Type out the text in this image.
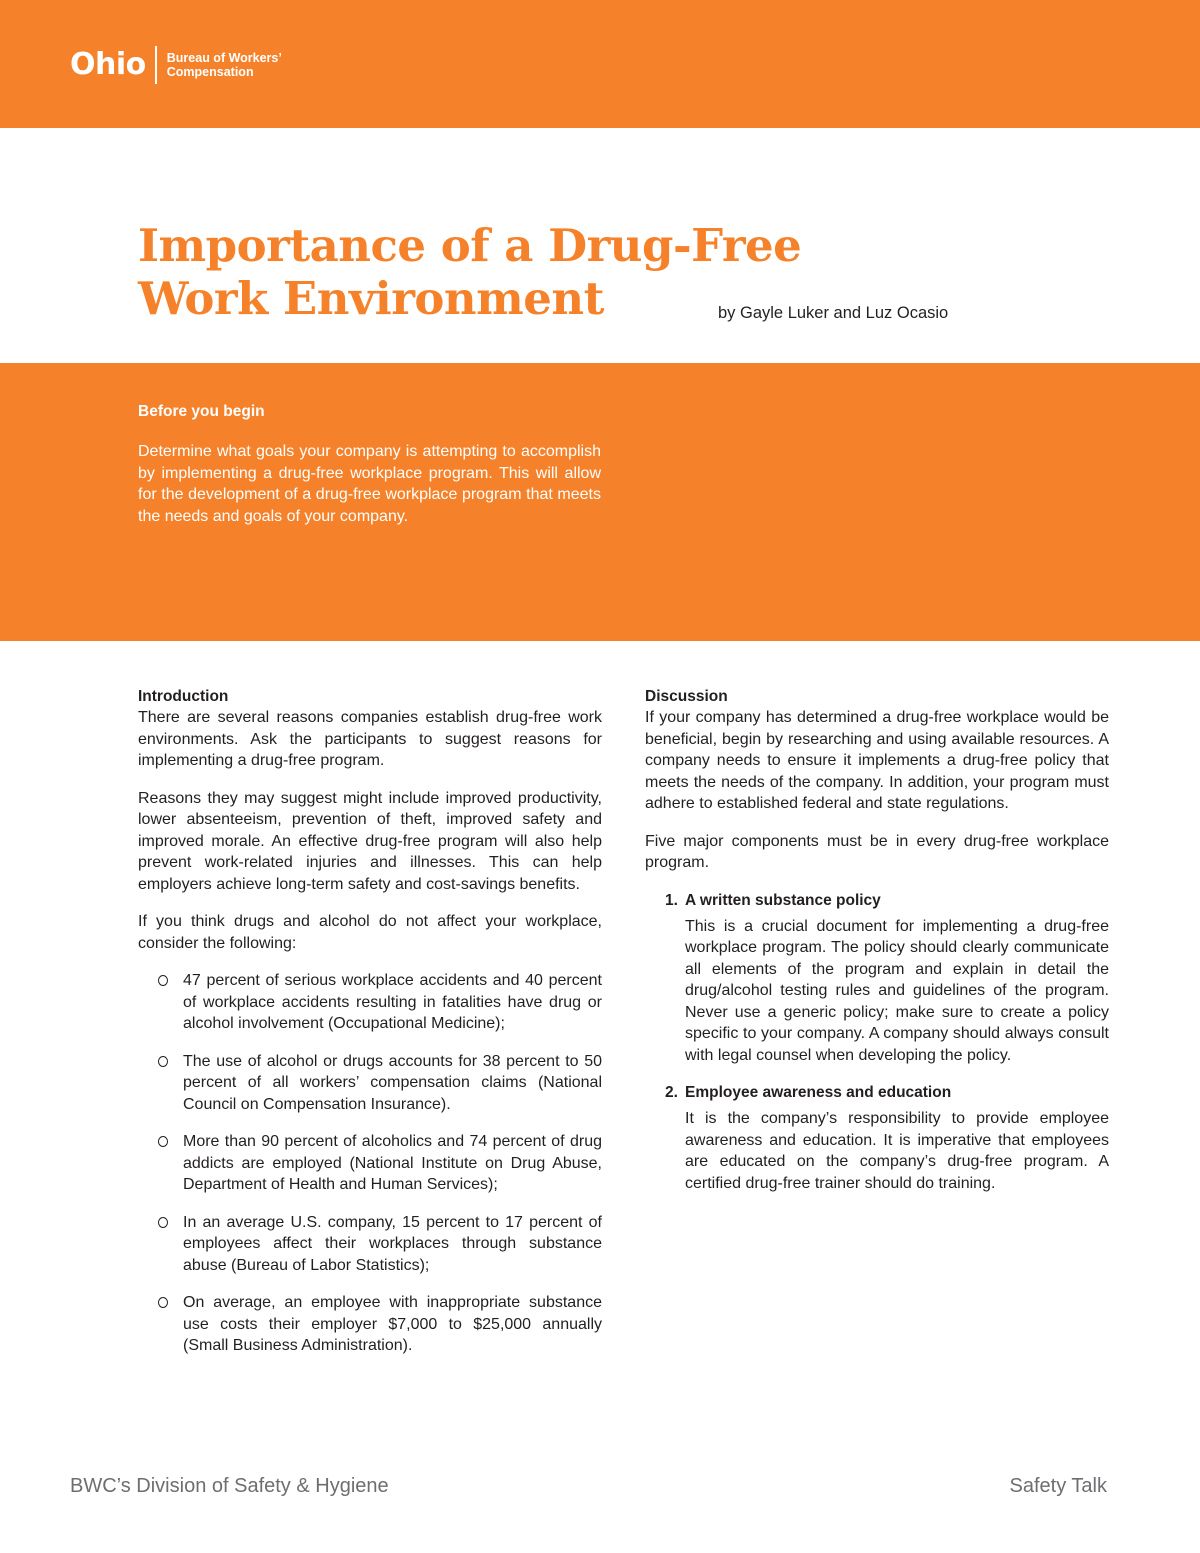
Ohio Bureau of Workers’
Compensation
Importance of a Drug-Free
Work Environment	by Gayle Luker and Luz Ocasio

Before you begin

Determine what goals your company is attempting to accomplish by implementing a drug-free workplace program. This will allow for the development of a drug-free workplace program that meets the needs and goals of your company.

Introduction

There are several reasons companies establish drug-free work environments. Ask the participants to suggest reasons for implementing a drug-free program.

Reasons they may suggest might include improved productivity, lower absenteeism, prevention of theft, improved safety and improved morale. An effective drug-free program will also help prevent work-related injuries and illnesses. This can help employers achieve long-term safety and cost-savings benefits.

If you think drugs and alcohol do not affect your workplace, consider the following:

47 percent of serious workplace accidents and 40 percent of workplace accidents resulting in fatalities have drug or alcohol involvement (Occupational Medicine);
The use of alcohol or drugs accounts for 38 percent to 50 percent of all workers’ compensation claims (National Council on Compensation Insurance).
More than 90 percent of alcoholics and 74 percent of drug addicts are employed (National Institute on Drug Abuse, Department of Health and Human Services);
In an average U.S. company, 15 percent to 17 percent of employees affect their workplaces through substance abuse (Bureau of Labor Statistics);
On average, an employee with inappropriate substance use costs their employer $7,000 to $25,000 annually (Small Business Administration).
Discussion

If your company has determined a drug-free workplace would be beneficial, begin by researching and using available resources. A company needs to ensure it implements a drug-free policy that meets the needs of the company. In addition, your program must adhere to established federal and state regulations.

Five major components must be in every drug-free workplace program.

1. A written substance policy
This is a crucial document for implementing a drug-free workplace program. The policy should clearly communicate all elements of the program and explain in detail the drug/alcohol testing rules and guidelines of the program. Never use a generic policy; make sure to create a policy specific to your company. A company should always consult with legal counsel when developing the policy.
2. Employee awareness and education
It is the company’s responsibility to provide employee awareness and education. It is imperative that employees are educated on the company’s drug-free program. A certified drug-free trainer should do training.

BWC’s Division of Safety & Hygiene	Safety Talk
